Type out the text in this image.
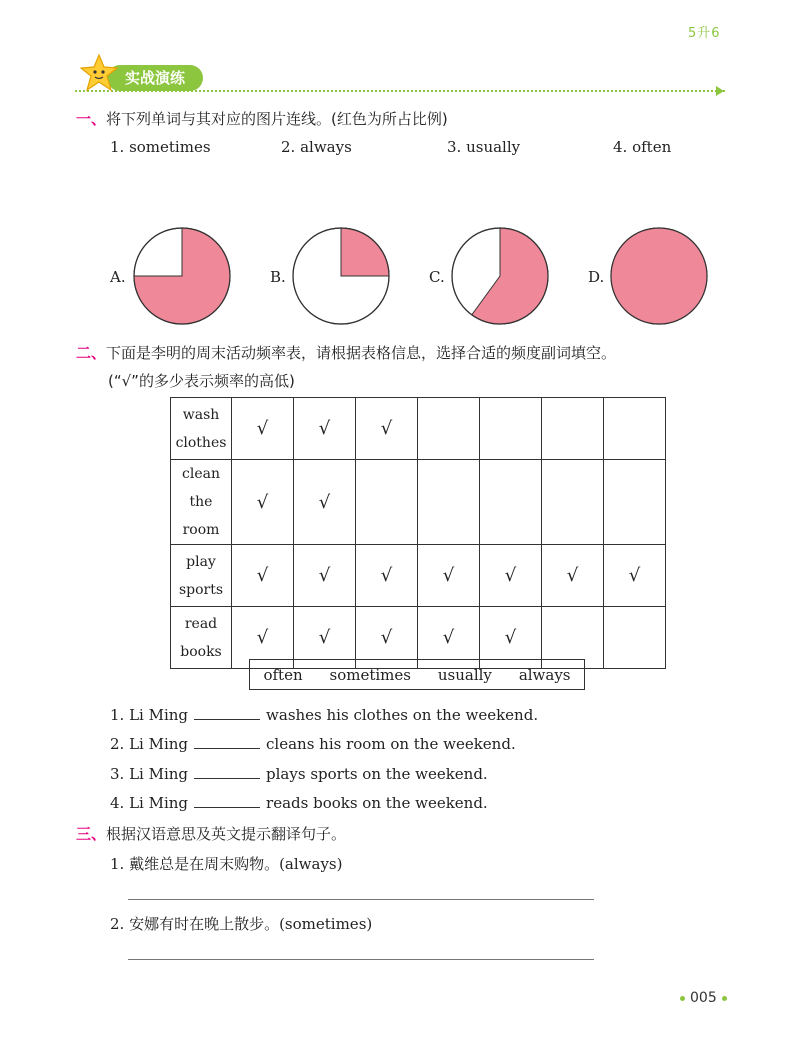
5升6
实战演练
一、将下列单词与其对应的图片连线。(红色为所占比例)
1. sometimes	2. always	3. usually	4. often
A.	B.	C.	D.
二、下面是李明的周末活动频率表，请根据表格信息，选择合适的频度副词填空。
(“√”的多少表示频率的高低)
wash
clothes	√	√	√				

clean the
room	√	√					

play
sports	√	√	√	√	√	√	√

read
books	√	√	√	√	√		
often sometimes usually always
1. Li Ming	washes his clothes on the weekend.
2. Li Ming	cleans his room on the weekend.
3. Li Ming	plays sports on the weekend.
4. Li Ming	reads books on the weekend.
三、根据汉语意思及英文提示翻译句子。
1. 戴维总是在周末购物。(always)
2. 安娜有时在晚上散步。(sometimes)
005
